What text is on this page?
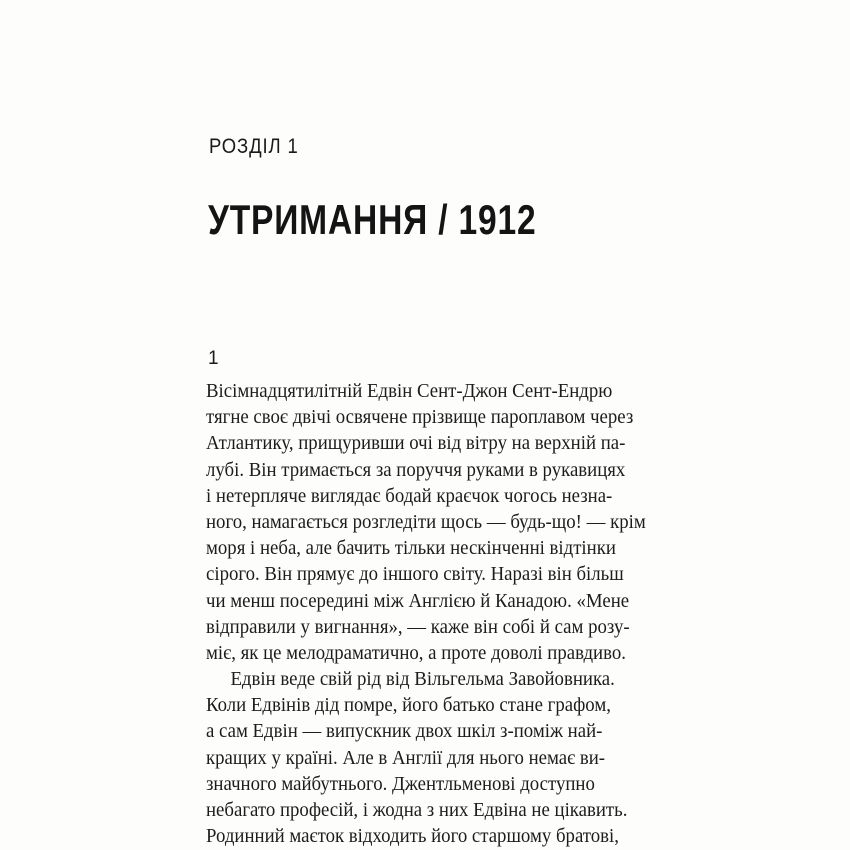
РОЗДІЛ 1
УТРИМАННЯ / 1912
1
Вісімнадцятилітній Едвін Сент-Джон Сент-Ендрю
тягне своє двічі освячене прізвище пароплавом через
Атлантику, прищуривши очі від вітру на верхній па-
лубі. Він тримається за поруччя руками в рукавицях
і нетерпляче виглядає бодай краєчок чогось незна-
ного, намагається розгледіти щось — будь-що! — крім
моря і неба, але бачить тільки нескінченні відтінки
сірого. Він прямує до іншого світу. Наразі він більш
чи менш посередині між Англією й Канадою. «Мене
відправили у вигнання», — каже він собі й сам розу-
міє, як це мелодраматично, а проте доволі правдиво.
Едвін веде свій рід від Вільгельма Завойовника.
Коли Едвінів дід помре, його батько стане графом,
а сам Едвін — випускник двох шкіл з-поміж най-
кращих у країні. Але в Англії для нього немає ви-
значного майбутнього. Джентльменові доступно
небагато професій, і жодна з них Едвіна не цікавить.
Родинний маєток відходить його старшому братові,
